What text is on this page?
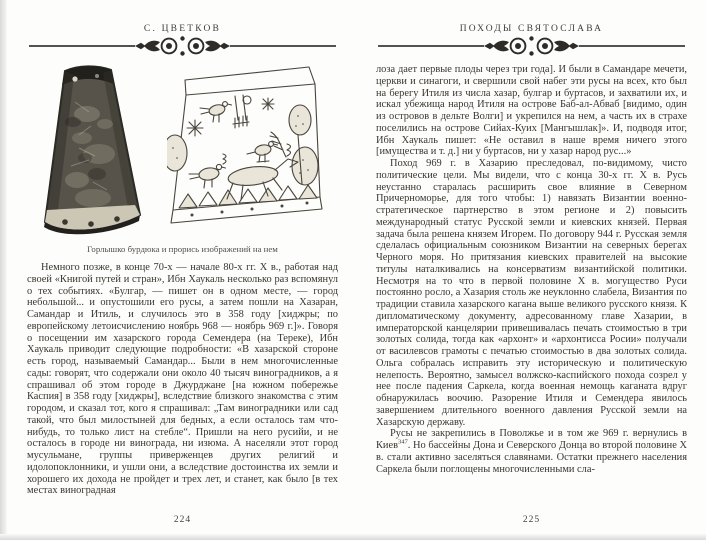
С. ЦВЕТКОВ
Горлышко бурдюка и прорись изображений на нем

Немного позже, в конце 70-х — начале 80-х гг. X в., работая над своей «Книгой путей и стран», Ибн Хаукаль несколько раз вспомянул о тех событиях. «Булгар, — пишет он в одном месте, — город небольшой... и опустошили его русы, а затем пошли на Хазаран, Самандар и Итиль, и случилось это в 358 году [хиджры; по европейскому летоисчислению ноябрь 968 — ноябрь 969 г.]». Говоря о посещении им хазарского города Семендера (на Тереке), Ибн Хаукаль приводит следующие подробности: «В хазарской стороне есть город, называемый Самандар... Были в нем многочисленные сады: говорят, что содержали они около 40 тысяч виноградников, а я спрашивал об этом городе в Джурджане [на южном побережье Каспия] в 358 году [хиджры], вследствие близкого знакомства с этим городом, и сказал тот, кого я спрашивал: „Там виноградники или сад такой, что был милостыней для бедных, а если осталось там что-нибудь, то только лист на стебле“. Пришли на него русийи, и не осталось в городе ни винограда, ни изюма. А населяли этот город мусульмане, группы приверженцев других религий и идолопоклонники, и ушли они, а вследствие достоинства их земли и хорошего их дохода не пройдет и трех лет, и станет, как было [в тех местах виноградная

224
ПОХОДЫ СВЯТОСЛАВА

лоза дает первые плоды через три года]. И были в Самандаре мечети, церкви и синагоги, и свершили свой набег эти русы на всех, кто был на берегу Итиля из числа хазар, булгар и буртасов, и захватили их, и искал убежища народ Итиля на острове Баб-ал-Абваб [видимо, один из островов в дельте Волги] и укрепился на нем, а часть их в страхе поселились на острове Сийах-Куих [Мангышлак]». И, подводя итог, Ибн Хаукаль пишет: «Не оставил в наше время ничего этого [имущества и т. д.] ни у буртасов, ни у хазар народ рус...»

Поход 969 г. в Хазарию преследовал, по-видимому, чисто политические цели. Мы видели, что с конца 30-х гг. X в. Русь неустанно старалась расширить свое влияние в Северном Причерноморье, для того чтобы: 1) навязать Византии военно-стратегическое партнерство в этом регионе и 2) повысить международный статус Русской земли и киевских князей. Первая задача была решена князем Игорем. По договору 944 г. Русская земля сделалась официальным союзником Византии на северных берегах Черного моря. Но притязания киевских правителей на высокие титулы наталкивались на консерватизм византийской политики. Несмотря на то что в первой половине X в. могущество Руси постоянно росло, а Хазария столь же неуклонно слабела, Византия по традиции ставила хазарского кагана выше великого русского князя. К дипломатическому документу, адресованному главе Хазарии, в императорской канцелярии привешивалась печать стоимостью в три золотых солида, тогда как «архонт» и «архонтисса Росии» получали от василевсов грамоты с печатью стоимостью в два золотых солида. Ольга собралась исправить эту историческую и политическую нелепость. Вероятно, замысел волжско-каспийского похода созрел у нее после падения Саркела, когда военная немощь каганата вдруг обнаружилась воочию. Разорение Итиля и Семендера явилось завершением длительного военного давления Русской земли на Хазарскую державу.

Русы не закрепились в Поволжье и в том же 969 г. вернулись в Киев$^{347}$. Но бассейны Дона и Северского Донца во второй половине X в. стали активно заселяться славянами. Остатки прежнего населения Саркела были поглощены многочисленными сла-

225
